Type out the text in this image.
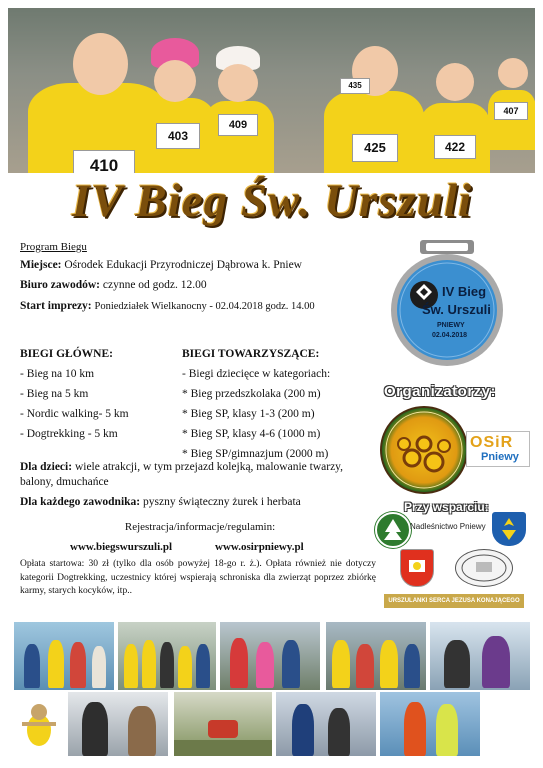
410
403
409
425	422
407
435
IV Bieg Św. Urszuli
Program Biegu
Miejsce: Ośrodek Edukacji Przyrodniczej Dąbrowa k. Pniew
Biuro zawodów: czynne od godz. 12.00
Start imprezy: Poniedziałek Wielkanocny - 02.04.2018 godz. 14.00
BIEGI GŁÓWNE:
- Bieg na 10 km
- Bieg na 5 km
- Nordic walking- 5 km
- Dogtrekking - 5 km
BIEGI TOWARZYSZĄCE:
- Biegi dziecięce w kategoriach:
* Bieg przedszkolaka (200 m)
* Bieg SP, klasy 1-3 (200 m)
* Bieg SP, klasy 4-6 (1000 m)
* Bieg SP/gimnazjum (2000 m)
Dla dzieci: wiele atrakcji, w tym przejazd kolejką, malowanie twarzy, balony, dmuchańce
Dla każdego zawodnika: pyszny świąteczny żurek i herbata
Rejestracja/informacje/regulamin:
www.biegswurszuli.pl	www.osirpniewy.pl
Opłata startowa: 30 zł (tylko dla osób powyżej 18-go r. ż.). Opłata również nie dotyczy kategorii Dogtrekking, uczestnicy której wspierają schroniska dla zwierząt poprzez zbiórkę karmy, starych kocyków, itp..
IV Bieg
Św. Urszuli
PNIEWY
02.04.2018
Organizatorzy:
OSiR
Pniewy
Przy wsparciu:
Nadleśnictwo Pniewy
URSZULANKI SERCA JEZUSA KONAJĄCEGO
